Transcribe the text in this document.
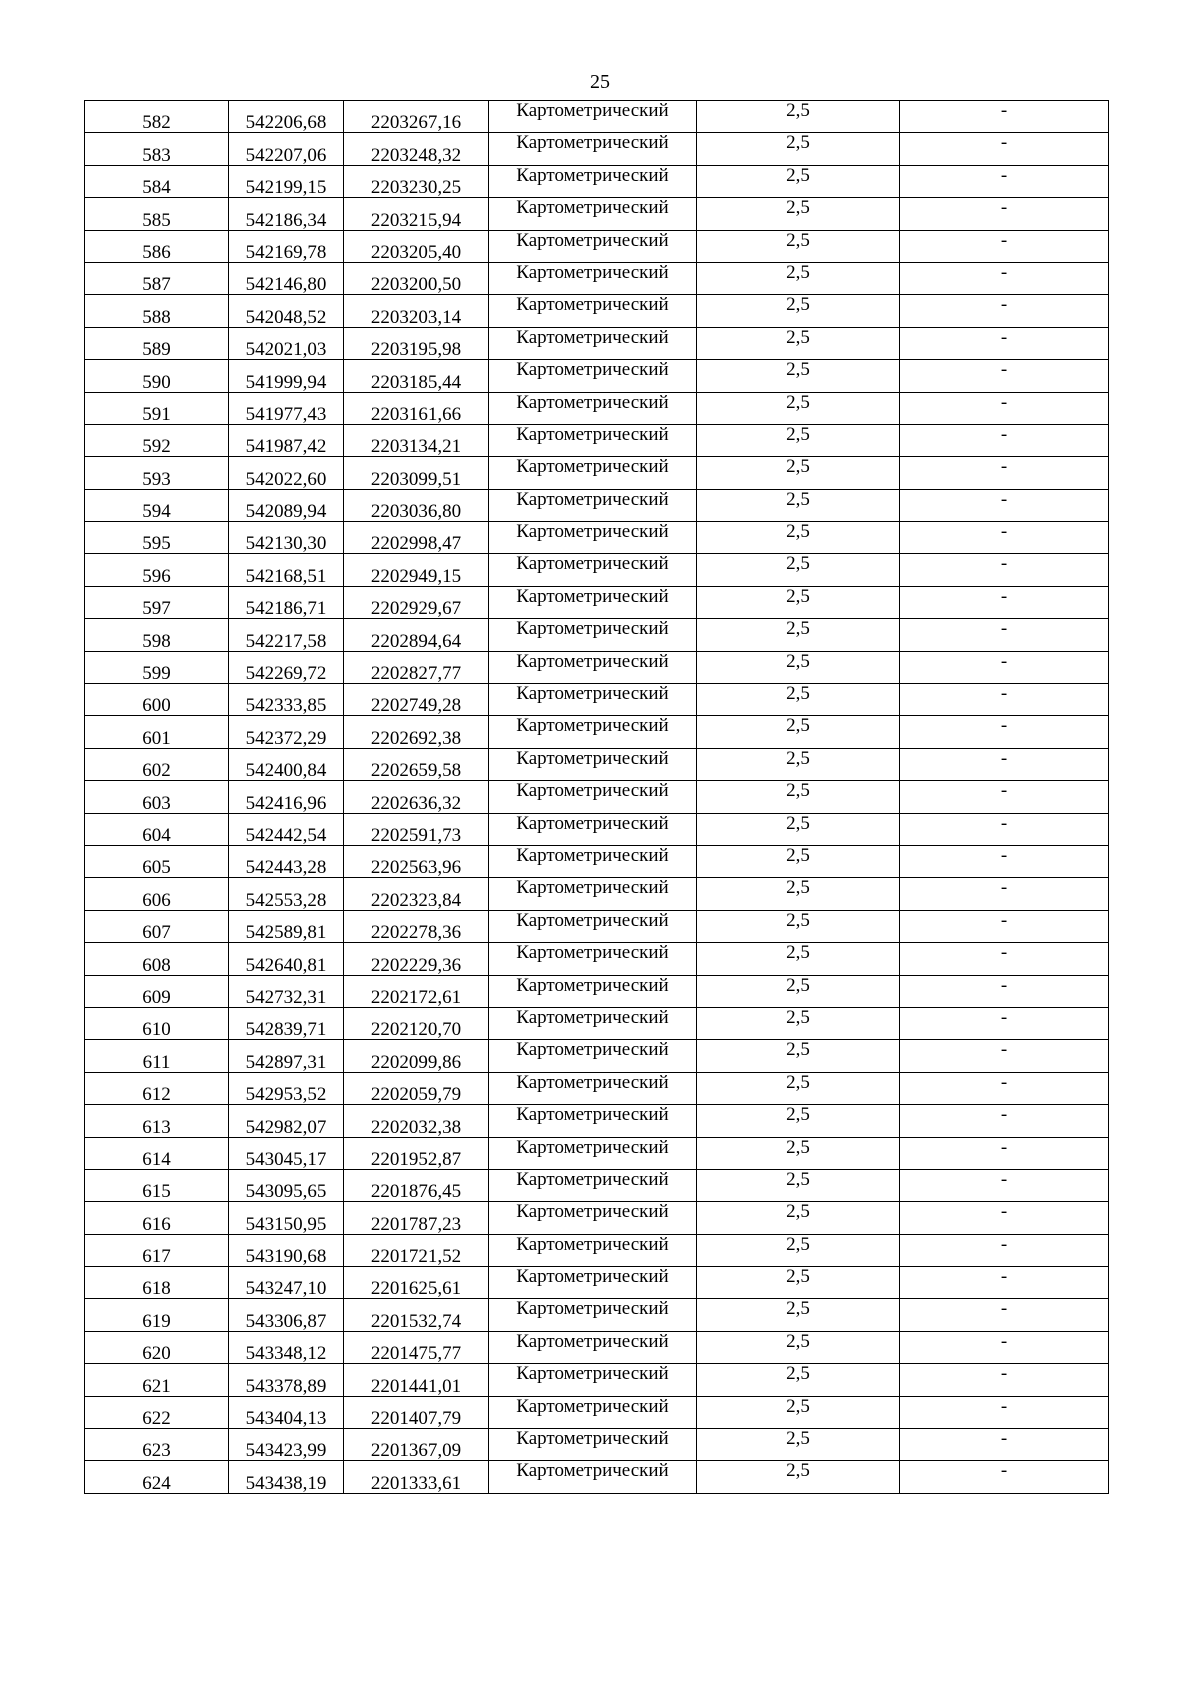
25
582	542206,68	2203267,16	Картометрический	2,5	-
583	542207,06	2203248,32	Картометрический	2,5	-
584	542199,15	2203230,25	Картометрический	2,5	-
585	542186,34	2203215,94	Картометрический	2,5	-
586	542169,78	2203205,40	Картометрический	2,5	-
587	542146,80	2203200,50	Картометрический	2,5	-
588	542048,52	2203203,14	Картометрический	2,5	-
589	542021,03	2203195,98	Картометрический	2,5	-
590	541999,94	2203185,44	Картометрический	2,5	-
591	541977,43	2203161,66	Картометрический	2,5	-
592	541987,42	2203134,21	Картометрический	2,5	-
593	542022,60	2203099,51	Картометрический	2,5	-
594	542089,94	2203036,80	Картометрический	2,5	-
595	542130,30	2202998,47	Картометрический	2,5	-
596	542168,51	2202949,15	Картометрический	2,5	-
597	542186,71	2202929,67	Картометрический	2,5	-
598	542217,58	2202894,64	Картометрический	2,5	-
599	542269,72	2202827,77	Картометрический	2,5	-
600	542333,85	2202749,28	Картометрический	2,5	-
601	542372,29	2202692,38	Картометрический	2,5	-
602	542400,84	2202659,58	Картометрический	2,5	-
603	542416,96	2202636,32	Картометрический	2,5	-
604	542442,54	2202591,73	Картометрический	2,5	-
605	542443,28	2202563,96	Картометрический	2,5	-
606	542553,28	2202323,84	Картометрический	2,5	-
607	542589,81	2202278,36	Картометрический	2,5	-
608	542640,81	2202229,36	Картометрический	2,5	-
609	542732,31	2202172,61	Картометрический	2,5	-
610	542839,71	2202120,70	Картометрический	2,5	-
611	542897,31	2202099,86	Картометрический	2,5	-
612	542953,52	2202059,79	Картометрический	2,5	-
613	542982,07	2202032,38	Картометрический	2,5	-
614	543045,17	2201952,87	Картометрический	2,5	-
615	543095,65	2201876,45	Картометрический	2,5	-
616	543150,95	2201787,23	Картометрический	2,5	-
617	543190,68	2201721,52	Картометрический	2,5	-
618	543247,10	2201625,61	Картометрический	2,5	-
619	543306,87	2201532,74	Картометрический	2,5	-
620	543348,12	2201475,77	Картометрический	2,5	-
621	543378,89	2201441,01	Картометрический	2,5	-
622	543404,13	2201407,79	Картометрический	2,5	-
623	543423,99	2201367,09	Картометрический	2,5	-
624	543438,19	2201333,61	Картометрический	2,5	-
